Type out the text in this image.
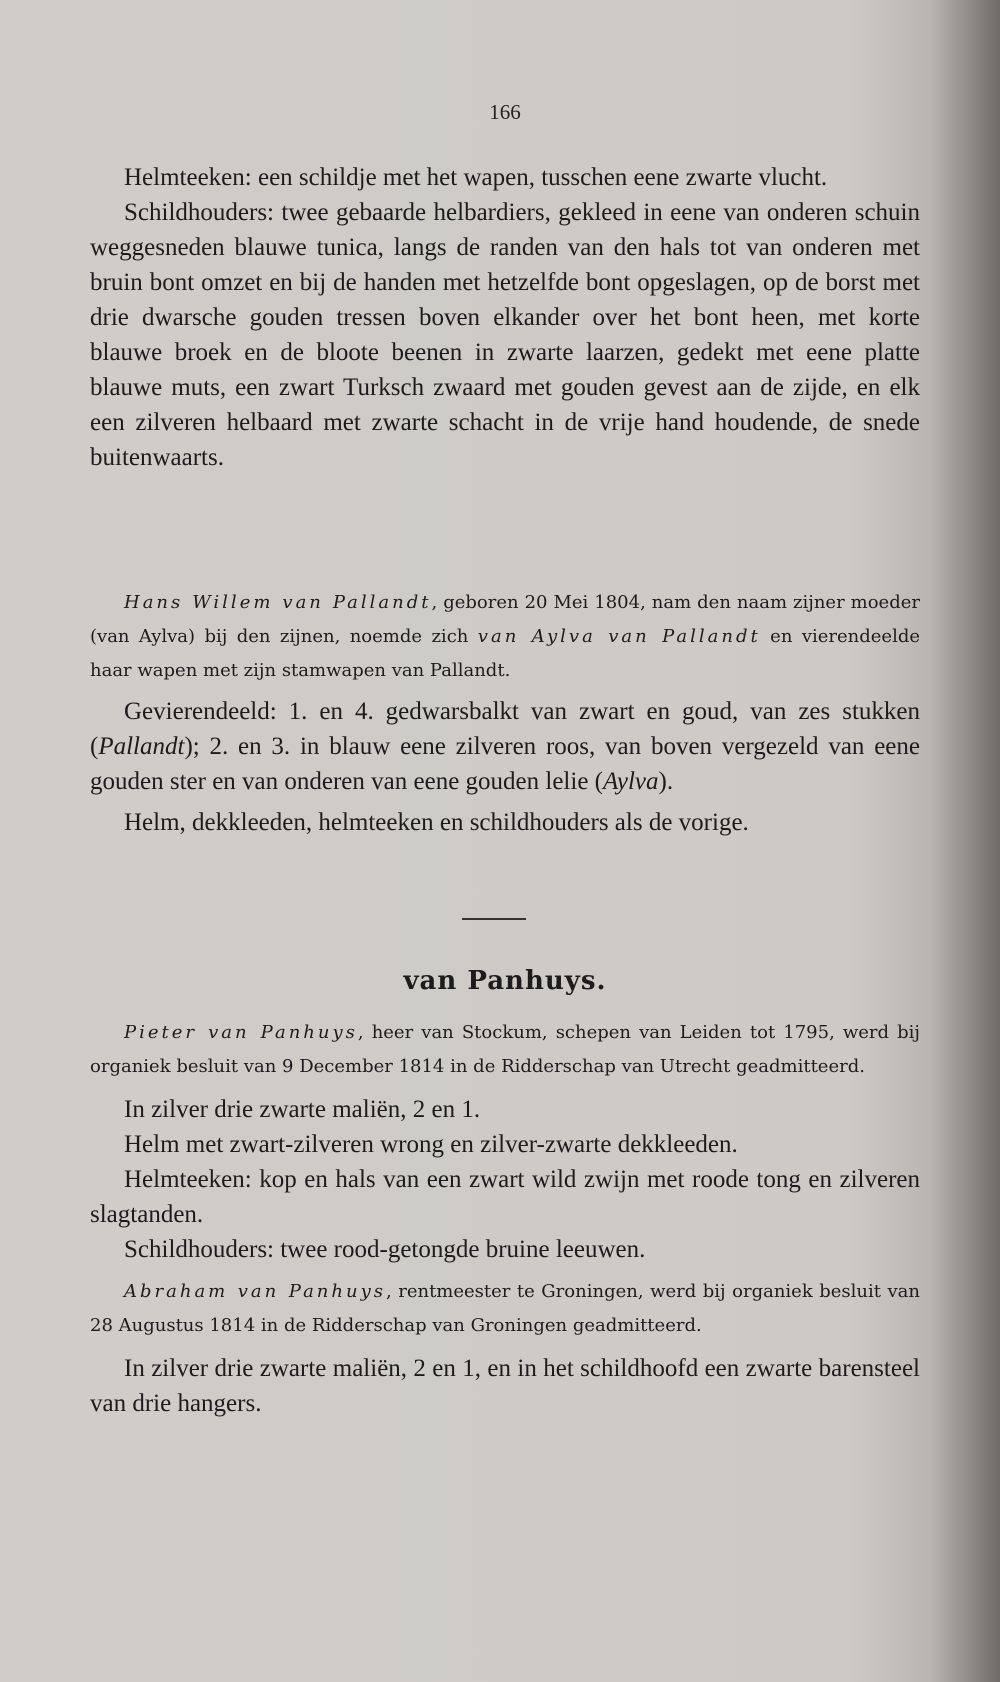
166

Helmteeken: een schildje met het wapen, tusschen eene zwarte vlucht.

Schildhouders: twee gebaarde helbardiers, gekleed in eene van onderen schuin weggesneden blauwe tunica, langs de randen van den hals tot van onderen met bruin bont omzet en bij de handen met hetzelfde bont opgeslagen, op de borst met drie dwarsche gouden tressen boven elkander over het bont heen, met korte blauwe broek en de bloote beenen in zwarte laarzen, gedekt met eene platte blauwe muts, een zwart Turksch zwaard met gouden gevest aan de zijde, en elk een zilveren helbaard met zwarte schacht in de vrije hand houdende, de snede buitenwaarts.

Hans Willem van Pallandt, geboren 20 Mei 1804, nam den naam zijner moeder (van Aylva) bij den zijnen, noemde zich van Aylva van Pallandt en vierendeelde haar wapen met zijn stamwapen van Pallandt.

Gevierendeeld: 1. en 4. gedwarsbalkt van zwart en goud, van zes stukken (Pallandt); 2. en 3. in blauw eene zilveren roos, van boven vergezeld van eene gouden ster en van onderen van eene gouden lelie (Aylva).

Helm, dekkleeden, helmteeken en schildhouders als de vorige.

van Panhuys.

Pieter van Panhuys, heer van Stockum, schepen van Leiden tot 1795, werd bij organiek besluit van 9 December 1814 in de Ridderschap van Utrecht geadmitteerd.

In zilver drie zwarte maliën, 2 en 1.

Helm met zwart-zilveren wrong en zilver-zwarte dekkleeden.

Helmteeken: kop en hals van een zwart wild zwijn met roode tong en zilveren slagtanden.

Schildhouders: twee rood-getongde bruine leeuwen.

Abraham van Panhuys, rentmeester te Groningen, werd bij organiek besluit van 28 Augustus 1814 in de Ridderschap van Groningen geadmitteerd.

In zilver drie zwarte maliën, 2 en 1, en in het schildhoofd een zwarte barensteel van drie hangers.
